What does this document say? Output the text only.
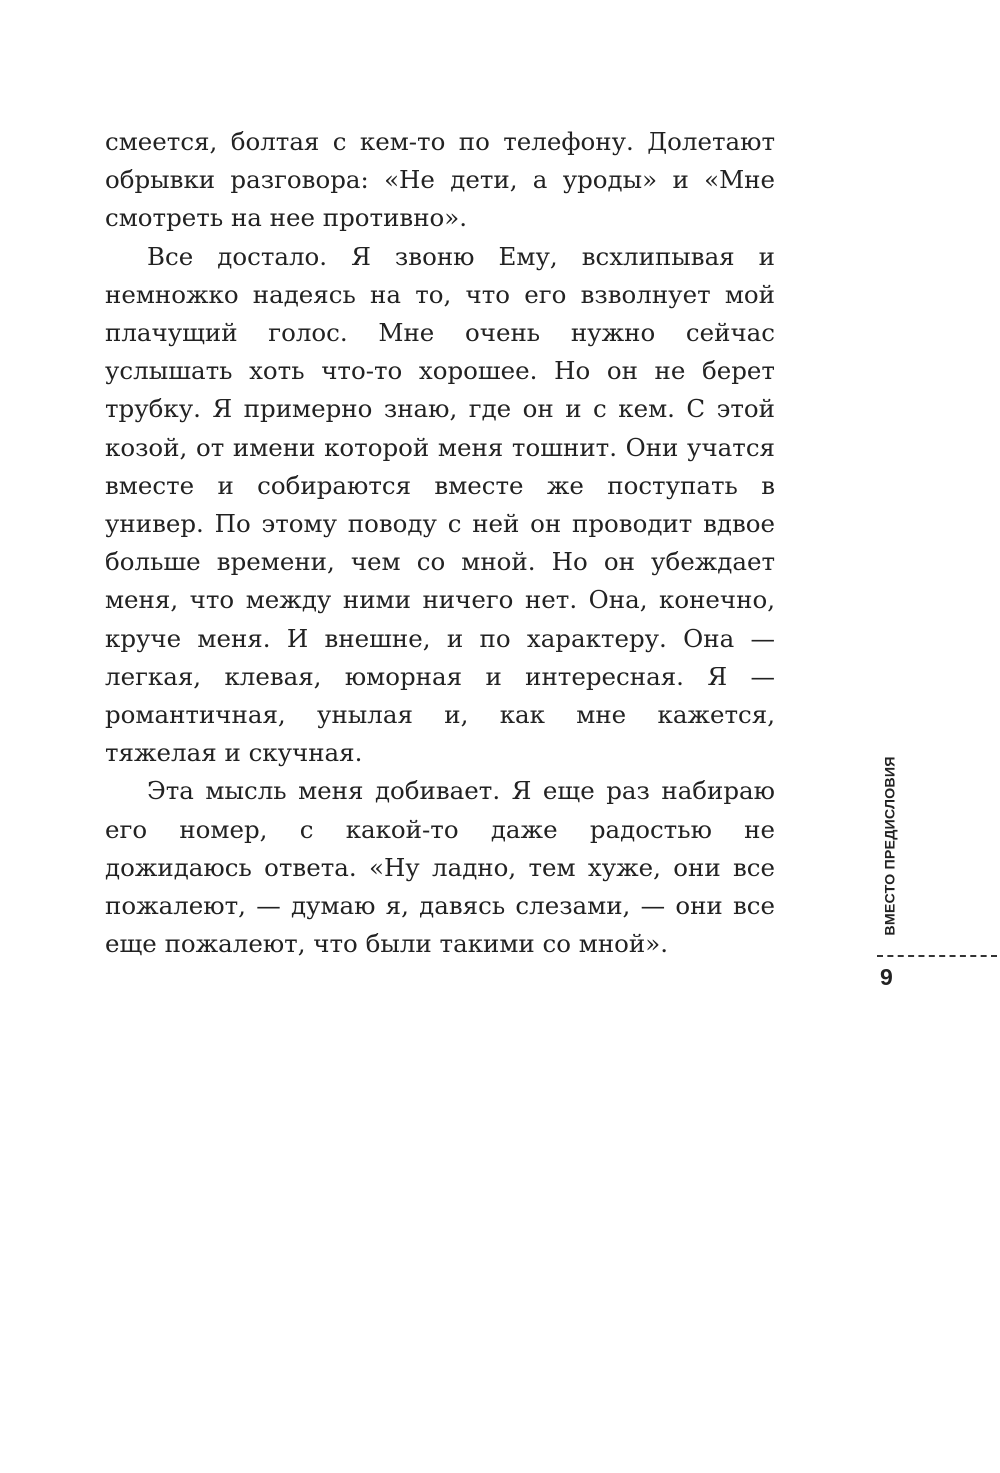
смеется, болтая с кем-то по телефону. Долетают обрывки разговора: «Не дети, а уроды» и «Мне смотреть на нее противно».

Все достало. Я звоню Ему, всхлипывая и немножко надеясь на то, что его взволнует мой плачущий голос. Мне очень нужно сейчас услышать хоть что-то хорошее. Но он не берет трубку. Я примерно знаю, где он и с кем. С этой козой, от имени которой меня тошнит. Они учатся вместе и собираются вместе же поступать в универ. По этому поводу с ней он проводит вдвое больше времени, чем со мной. Но он убеждает меня, что между ними ничего нет. Она, конечно, круче меня. И внешне, и по характеру. Она — легкая, клевая, юморная и интересная. Я — романтичная, унылая и, как мне кажется, тяжелая и скучная.

Эта мысль меня добивает. Я еще раз набираю его номер, с какой-то даже радостью не дожидаюсь ответа. «Ну ладно, тем хуже, они все пожалеют, — думаю я, давясь слезами, — они все еще пожалеют, что были такими со мной».

ВМЕСТО ПРЕДИСЛОВИЯ
9
